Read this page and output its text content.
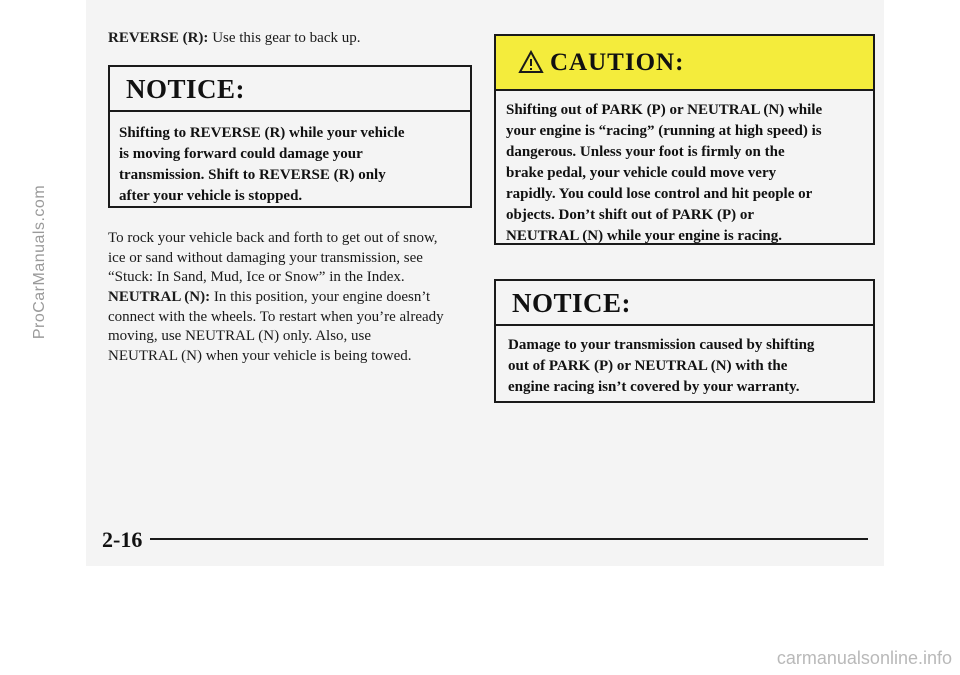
REVERSE (R): Use this gear to back up.
NOTICE:
Shifting to REVERSE (R) while your vehicle
is moving forward could damage your
transmission. Shift to REVERSE (R) only
after your vehicle is stopped.
To rock your vehicle back and forth to get out of snow,
ice or sand without damaging your transmission, see
“Stuck: In Sand, Mud, Ice or Snow” in the Index.
NEUTRAL (N): In this position, your engine doesn’t
connect with the wheels. To restart when you’re already
moving, use NEUTRAL (N) only. Also, use
NEUTRAL (N) when your vehicle is being towed.
CAUTION:
Shifting out of PARK (P) or NEUTRAL (N) while
your engine is “racing” (running at high speed) is
dangerous. Unless your foot is firmly on the
brake pedal, your vehicle could move very
rapidly. You could lose control and hit people or
objects. Don’t shift out of PARK (P) or
NEUTRAL (N) while your engine is racing.
NOTICE:
Damage to your transmission caused by shifting
out of PARK (P) or NEUTRAL (N) with the
engine racing isn’t covered by your warranty.
2-16
ProCarManuals.com
carmanualsonline.info
